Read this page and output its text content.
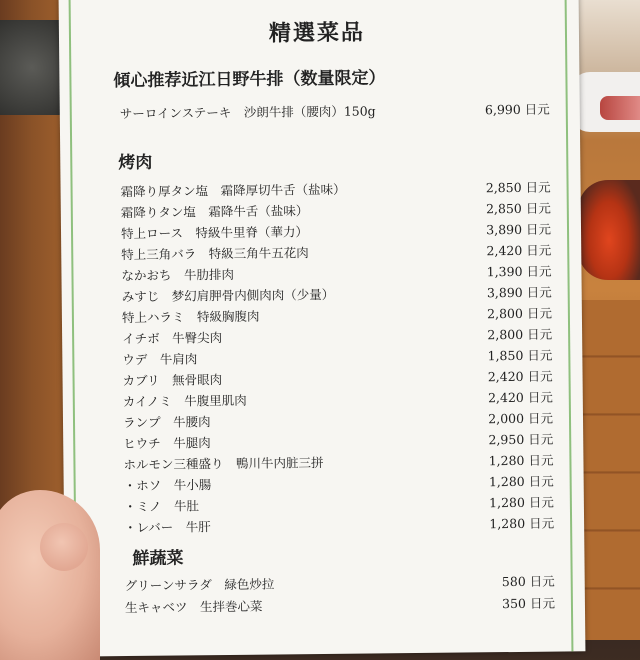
精選菜品
傾心推荐近江日野牛排（数量限定）
サーロインステーキ　沙朗牛排（腰肉）150g	6,990 日元
烤肉
霜降り厚タン塩　霜降厚切牛舌（盐味）	2,850 日元
霜降りタン塩　霜降牛舌（盐味）	2,850 日元
特上ロース　特級牛里脊（華力）	3,890 日元
特上三角バラ　特級三角牛五花肉	2,420 日元
なかおち　牛肋排肉	1,390 日元
みすじ　梦幻肩胛骨内側肉肉（少量）	3,890 日元
特上ハラミ　特級胸腹肉	2,800 日元
イチボ　牛臀尖肉	2,800 日元
ウデ　牛肩肉	1,850 日元
カブリ　無骨眼肉	2,420 日元
カイノミ　牛腹里肌肉	2,420 日元
ランプ　牛腰肉	2,000 日元
ヒウチ　牛腿肉	2,950 日元
ホルモン三種盛り　鴨川牛内脏三拼	1,280 日元
・ホソ　牛小腸	1,280 日元
・ミノ　牛肚	1,280 日元
・レバー　牛肝	1,280 日元
鮮蔬菜
グリーンサラダ　緑色炒拉	580 日元
生キャベツ　生拌巻心菜	350 日元
